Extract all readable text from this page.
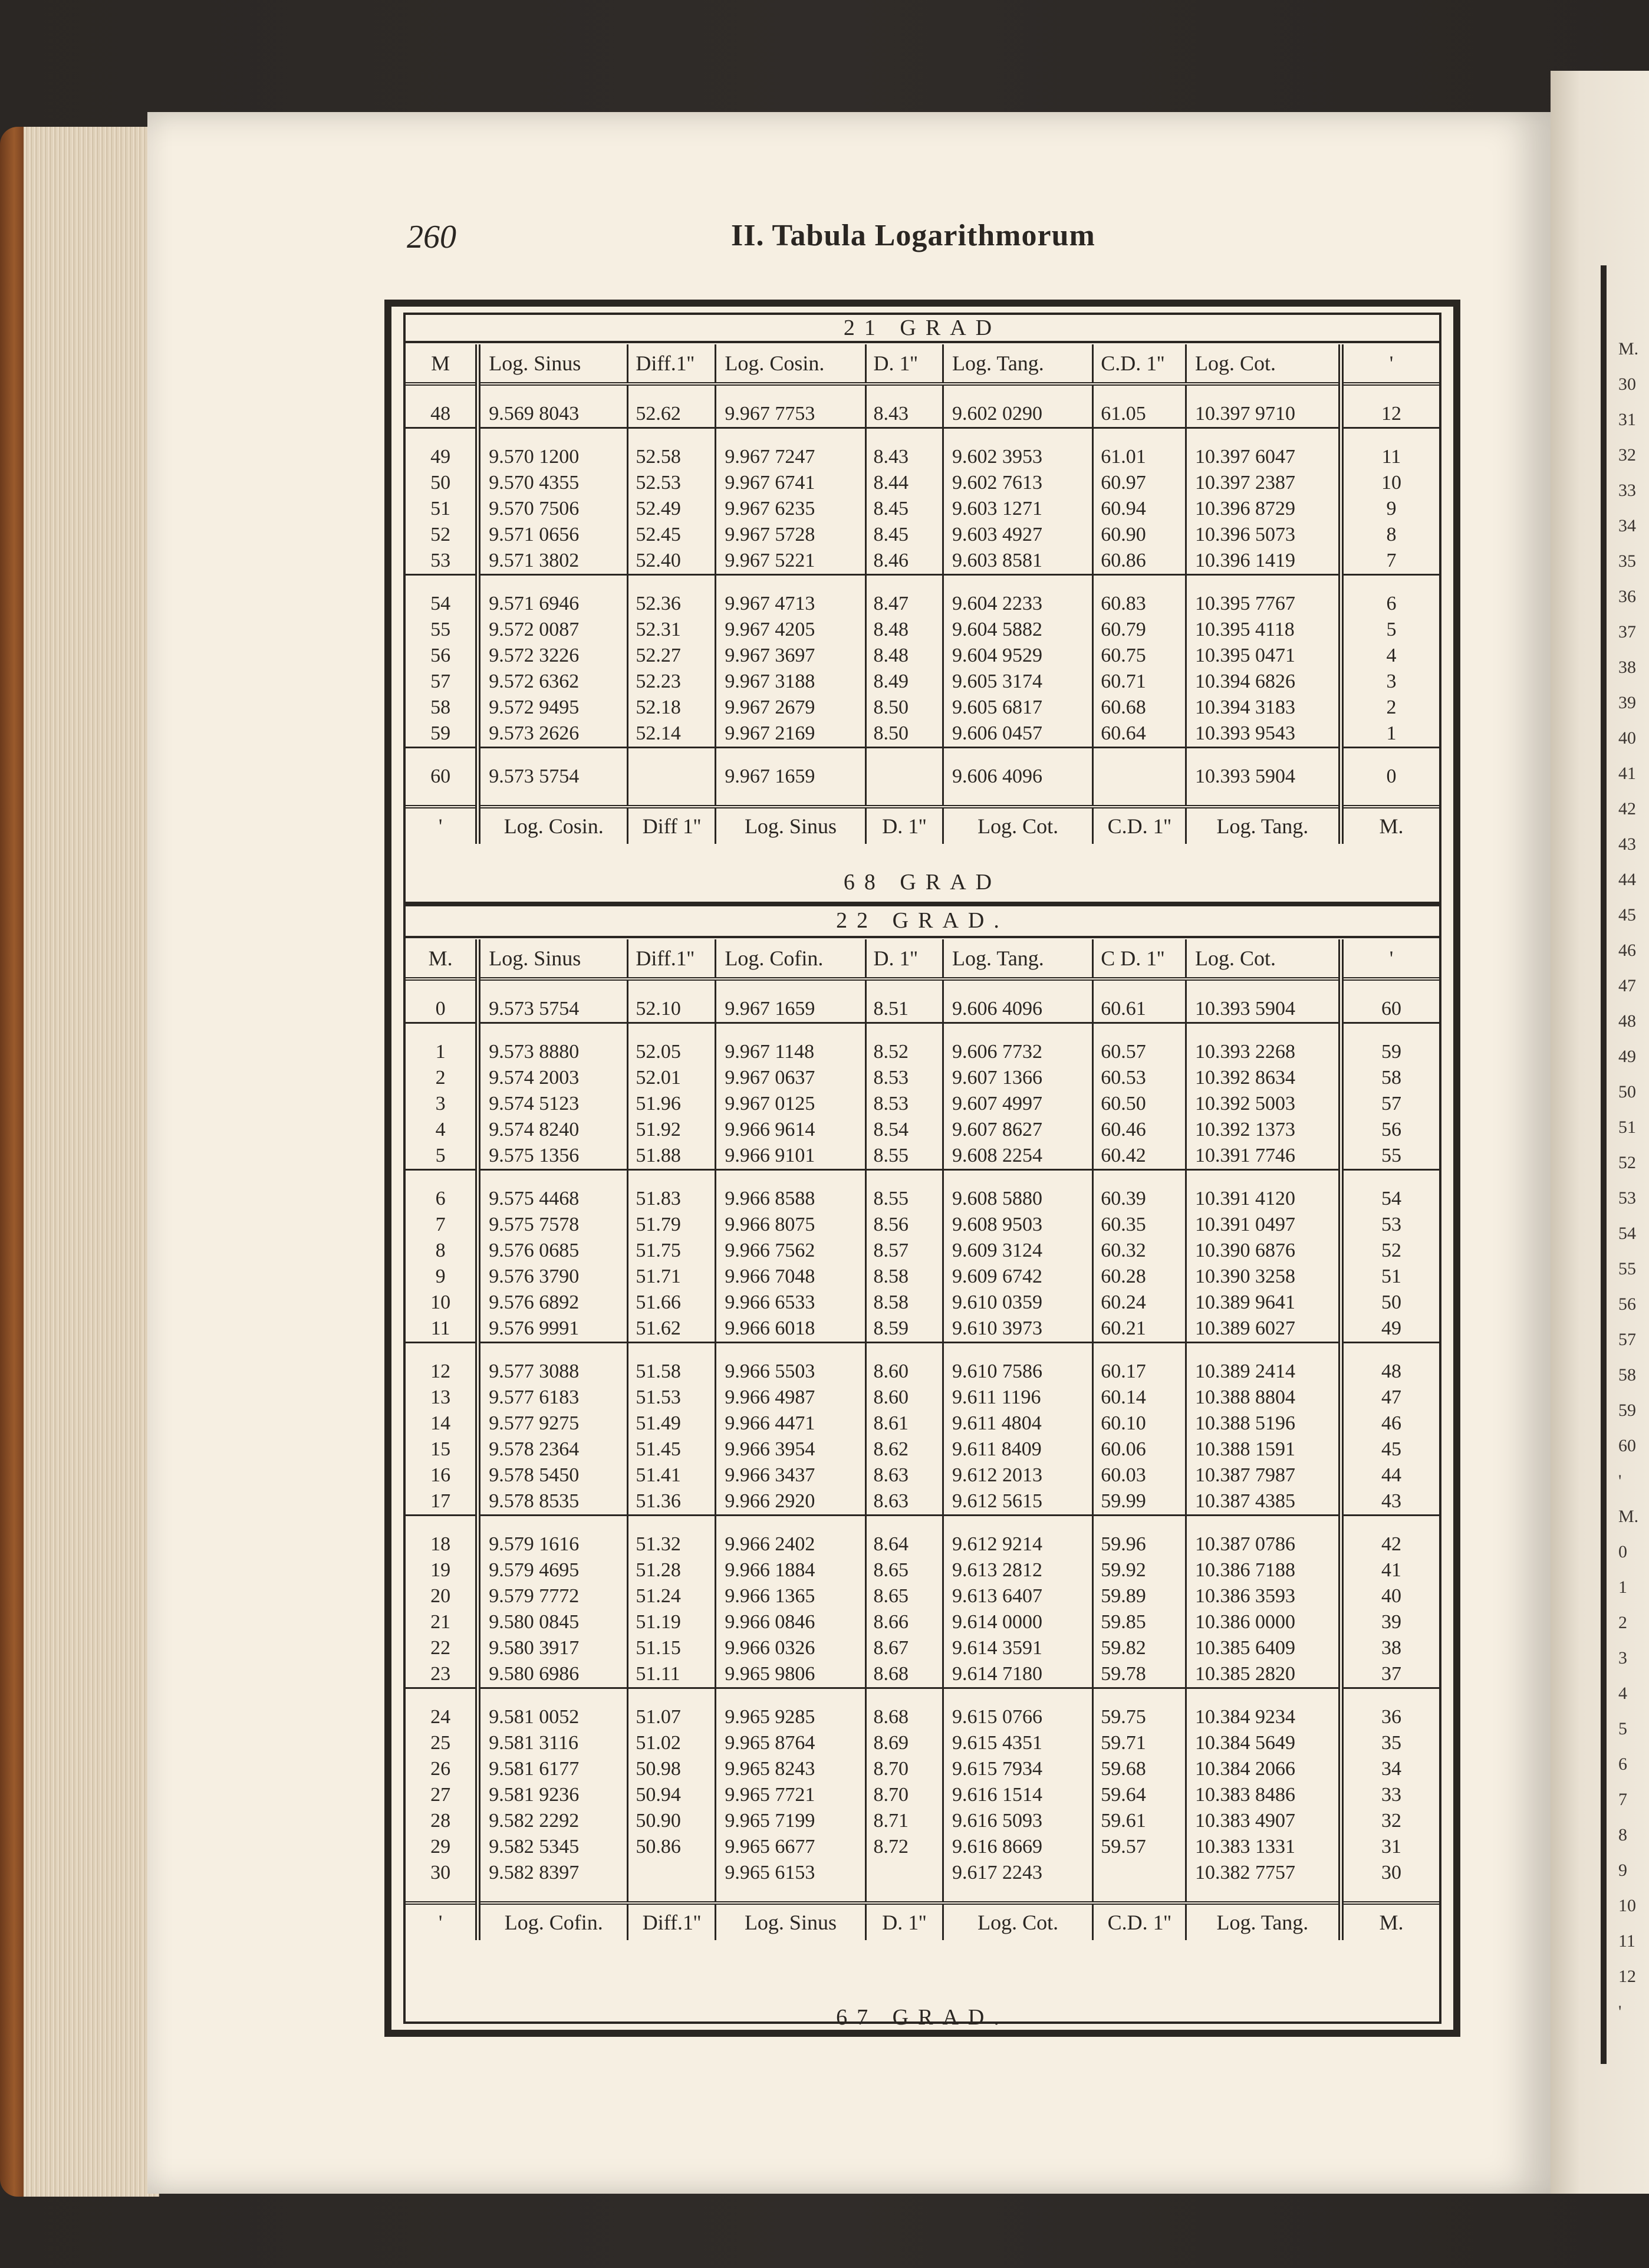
M.
30
31
32
33
34
35
36
37
38
39
40
41
42
43
44
45
46
47
48
49
50
51
52
53
54
55
56
57
58
59
60
'
M.
0
1
2
3
4
5
6
7
8
9
10
11
12
'
260	II. Tabula Logarithmorum
21 GRAD
M	Log. Sinus	Diff.1''	Log. Cosin.	D. 1''	Log. Tang.	C.D. 1''	Log. Cot.	'

48	9.569 8043	52.62	9.967 7753	8.43	9.602 0290	61.05	10.397 9710	12

49	9.570 1200	52.58	9.967 7247	8.43	9.602 3953	61.01	10.397 6047	11

50	9.570 4355	52.53	9.967 6741	8.44	9.602 7613	60.97	10.397 2387	10

51	9.570 7506	52.49	9.967 6235	8.45	9.603 1271	60.94	10.396 8729	9

52	9.571 0656	52.45	9.967 5728	8.45	9.603 4927	60.90	10.396 5073	8

53	9.571 3802	52.40	9.967 5221	8.46	9.603 8581	60.86	10.396 1419	7

54	9.571 6946	52.36	9.967 4713	8.47	9.604 2233	60.83	10.395 7767	6

55	9.572 0087	52.31	9.967 4205	8.48	9.604 5882	60.79	10.395 4118	5

56	9.572 3226	52.27	9.967 3697	8.48	9.604 9529	60.75	10.395 0471	4

57	9.572 6362	52.23	9.967 3188	8.49	9.605 3174	60.71	10.394 6826	3

58	9.572 9495	52.18	9.967 2679	8.50	9.605 6817	60.68	10.394 3183	2

59	9.573 2626	52.14	9.967 2169	8.50	9.606 0457	60.64	10.393 9543	1

60	9.573 5754		9.967 1659		9.606 4096		10.393 5904	0

'	Log. Cosin.	Diff 1''	Log. Sinus	D. 1''	Log. Cot.	C.D. 1''	Log. Tang.	M.
68 GRAD
22 GRAD.
M.	Log. Sinus	Diff.1''	Log. Cofin.	D. 1''	Log. Tang.	C D. 1''	Log. Cot.	'

0	9.573 5754	52.10	9.967 1659	8.51	9.606 4096	60.61	10.393 5904	60

1	9.573 8880	52.05	9.967 1148	8.52	9.606 7732	60.57	10.393 2268	59

2	9.574 2003	52.01	9.967 0637	8.53	9.607 1366	60.53	10.392 8634	58

3	9.574 5123	51.96	9.967 0125	8.53	9.607 4997	60.50	10.392 5003	57

4	9.574 8240	51.92	9.966 9614	8.54	9.607 8627	60.46	10.392 1373	56

5	9.575 1356	51.88	9.966 9101	8.55	9.608 2254	60.42	10.391 7746	55

6	9.575 4468	51.83	9.966 8588	8.55	9.608 5880	60.39	10.391 4120	54

7	9.575 7578	51.79	9.966 8075	8.56	9.608 9503	60.35	10.391 0497	53

8	9.576 0685	51.75	9.966 7562	8.57	9.609 3124	60.32	10.390 6876	52

9	9.576 3790	51.71	9.966 7048	8.58	9.609 6742	60.28	10.390 3258	51

10	9.576 6892	51.66	9.966 6533	8.58	9.610 0359	60.24	10.389 9641	50

11	9.576 9991	51.62	9.966 6018	8.59	9.610 3973	60.21	10.389 6027	49

12	9.577 3088	51.58	9.966 5503	8.60	9.610 7586	60.17	10.389 2414	48

13	9.577 6183	51.53	9.966 4987	8.60	9.611 1196	60.14	10.388 8804	47

14	9.577 9275	51.49	9.966 4471	8.61	9.611 4804	60.10	10.388 5196	46

15	9.578 2364	51.45	9.966 3954	8.62	9.611 8409	60.06	10.388 1591	45

16	9.578 5450	51.41	9.966 3437	8.63	9.612 2013	60.03	10.387 7987	44

17	9.578 8535	51.36	9.966 2920	8.63	9.612 5615	59.99	10.387 4385	43

18	9.579 1616	51.32	9.966 2402	8.64	9.612 9214	59.96	10.387 0786	42

19	9.579 4695	51.28	9.966 1884	8.65	9.613 2812	59.92	10.386 7188	41

20	9.579 7772	51.24	9.966 1365	8.65	9.613 6407	59.89	10.386 3593	40

21	9.580 0845	51.19	9.966 0846	8.66	9.614 0000	59.85	10.386 0000	39

22	9.580 3917	51.15	9.966 0326	8.67	9.614 3591	59.82	10.385 6409	38

23	9.580 6986	51.11	9.965 9806	8.68	9.614 7180	59.78	10.385 2820	37

24	9.581 0052	51.07	9.965 9285	8.68	9.615 0766	59.75	10.384 9234	36

25	9.581 3116	51.02	9.965 8764	8.69	9.615 4351	59.71	10.384 5649	35

26	9.581 6177	50.98	9.965 8243	8.70	9.615 7934	59.68	10.384 2066	34

27	9.581 9236	50.94	9.965 7721	8.70	9.616 1514	59.64	10.383 8486	33

28	9.582 2292	50.90	9.965 7199	8.71	9.616 5093	59.61	10.383 4907	32

29	9.582 5345	50.86	9.965 6677	8.72	9.616 8669	59.57	10.383 1331	31

30	9.582 8397		9.965 6153		9.617 2243		10.382 7757	30

'	Log. Cofin.	Diff.1''	Log. Sinus	D. 1''	Log. Cot.	C.D. 1''	Log. Tang.	M.
67 GRAD.
